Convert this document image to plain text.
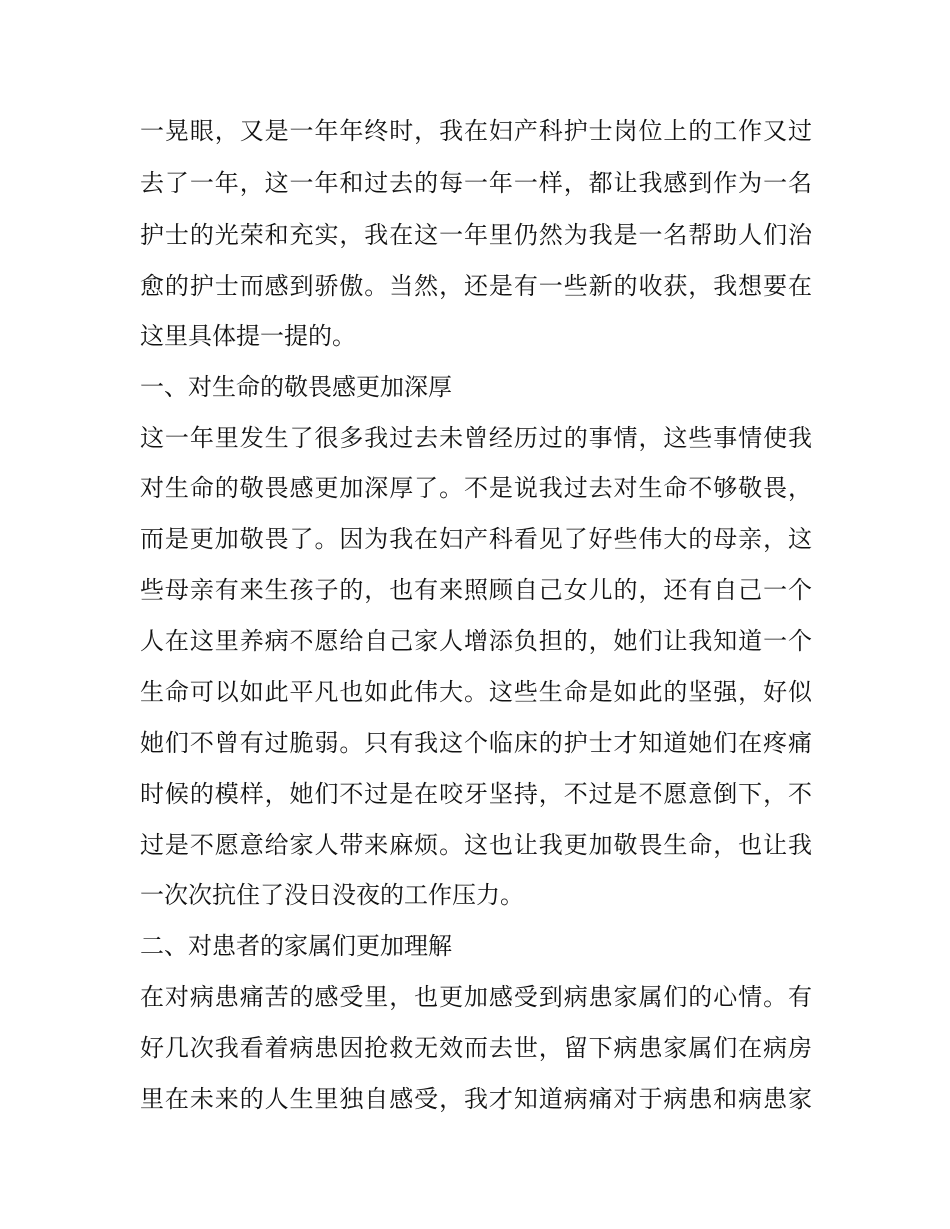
一晃眼，又是一年年终时，我在妇产科护士岗位上的工作又过

去了一年，这一年和过去的每一年一样，都让我感到作为一名

护士的光荣和充实，我在这一年里仍然为我是一名帮助人们治

愈的护士而感到骄傲。当然，还是有一些新的收获，我想要在

这里具体提一提的。

一、对生命的敬畏感更加深厚

这一年里发生了很多我过去未曾经历过的事情，这些事情使我

对生命的敬畏感更加深厚了。不是说我过去对生命不够敬畏，

而是更加敬畏了。因为我在妇产科看见了好些伟大的母亲，这

些母亲有来生孩子的，也有来照顾自己女儿的，还有自己一个

人在这里养病不愿给自己家人增添负担的，她们让我知道一个

生命可以如此平凡也如此伟大。这些生命是如此的坚强，好似

她们不曾有过脆弱。只有我这个临床的护士才知道她们在疼痛

时候的模样，她们不过是在咬牙坚持，不过是不愿意倒下，不

过是不愿意给家人带来麻烦。这也让我更加敬畏生命，也让我

一次次抗住了没日没夜的工作压力。

二、对患者的家属们更加理解

在对病患痛苦的感受里，也更加感受到病患家属们的心情。有

好几次我看着病患因抢救无效而去世，留下病患家属们在病房

里在未来的人生里独自感受，我才知道病痛对于病患和病患家
